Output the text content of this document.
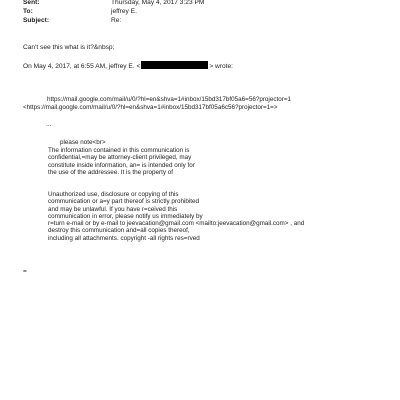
Sent:	Thursday, May 4, 2017 3:23 PM
To:	jeffrey E.
Subject:	Re:
Can't see this what is it?&nbsp;
On May 4, 2017, at 6:55 AM, jeffrey E. <	> wrote:
https://mail.google.com/mail/u/0/?hl=en&shva=1#inbox/15bd317bf05a6=56?projector=1
<https://mail.google.com/mail/u/0/?hl=en&shva=1#inbox/15bd317bf05a6c56?projector=1=>
...
please note<br>
The information contained in this communication is
confidential,=may be attorney-client privileged, may
constitute inside information, an= is intended only for
the use of the addressee. It is the property of
Unauthorized use, disclosure or copying of this
communication or a=y part thereof is strictly prohibited
and may be unlawful. If you have r=ceived this
communication in error, please notify us immediately by
r=turn e-mail or by e-mail to jeevacation@gmail.com <mailto:jeevacation@gmail.com> , and
destroy this communication and=all copies thereof,
including all attachments. copyright -all rights res=rved
=
